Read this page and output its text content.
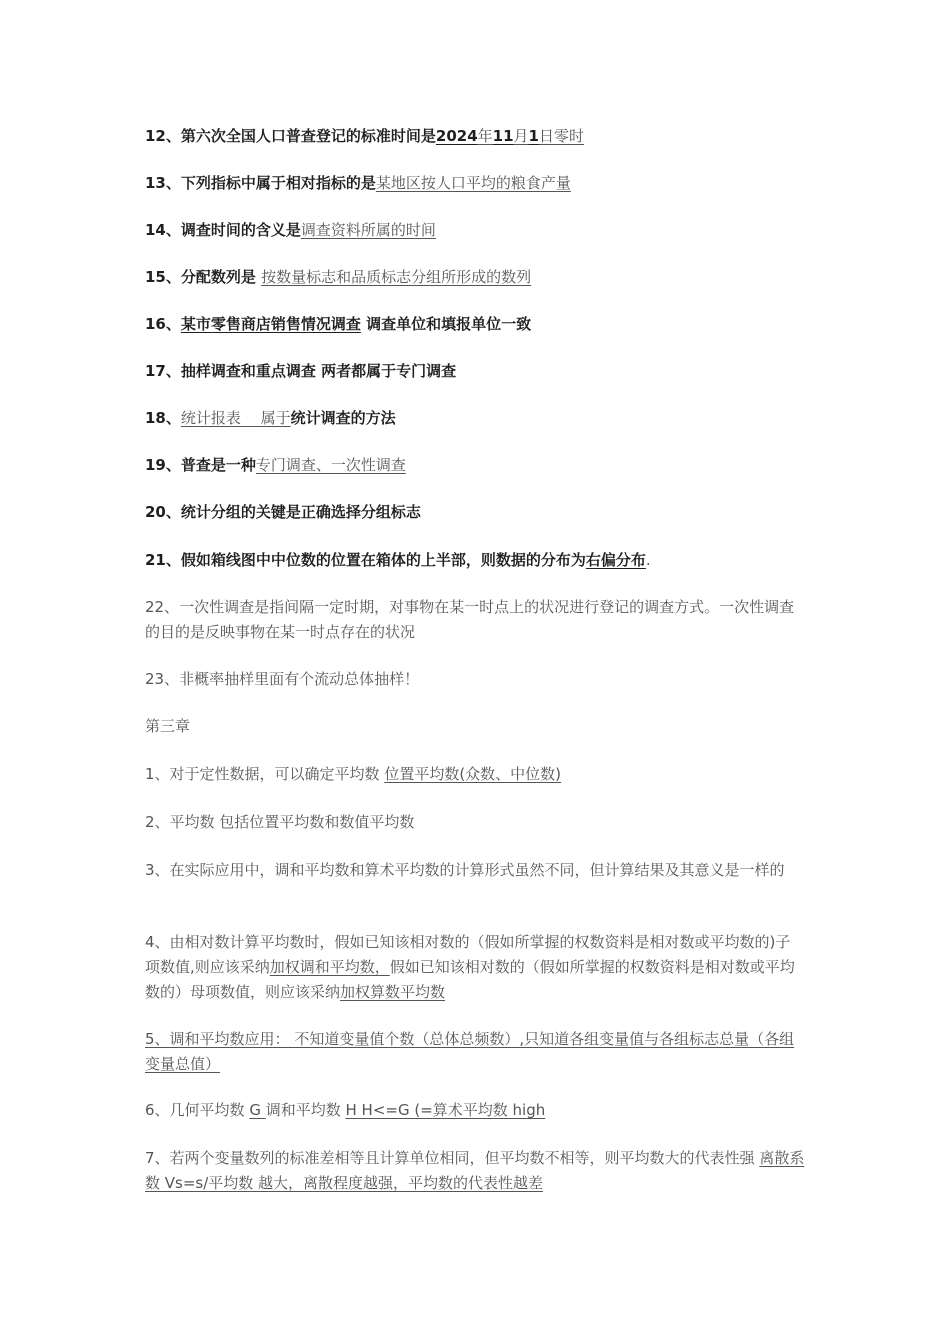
12、第六次全国人口普查登记的标准时间是2024年11月1日零时
13、下列指标中属于相对指标的是某地区按人口平均的粮食产量
14、调查时间的含义是调查资料所属的时间
15、分配数列是 按数量标志和品质标志分组所形成的数列
16、某市零售商店销售情况调查 调查单位和填报单位一致
17、抽样调查和重点调查 两者都属于专门调查
18、统计报表　 属于统计调查的方法
19、普查是一种专门调查、一次性调查
20、统计分组的关键是正确选择分组标志
21、假如箱线图中中位数的位置在箱体的上半部，则数据的分布为右偏分布.
22、一次性调查是指间隔一定时期，对事物在某一时点上的状况进行登记的调查方式。一次性调查的目的是反映事物在某一时点存在的状况
23、非概率抽样里面有个流动总体抽样！
第三章
1、对于定性数据，可以确定平均数 位置平均数(众数、中位数)
2、平均数 包括位置平均数和数值平均数
3、在实际应用中，调和平均数和算术平均数的计算形式虽然不同，但计算结果及其意义是一样的
4、由相对数计算平均数时，假如已知该相对数的（假如所掌握的权数资料是相对数或平均数的)子项数值,则应该采纳加权调和平均数，假如已知该相对数的（假如所掌握的权数资料是相对数或平均数的）母项数值，则应该采纳加权算数平均数
5、调和平均数应用： 不知道变量值个数（总体总频数）,只知道各组变量值与各组标志总量（各组变量总值）
6、几何平均数 G 调和平均数 H H<=G (=算术平均数 high
7、若两个变量数列的标准差相等且计算单位相同，但平均数不相等，则平均数大的代表性强 离散系数 Vs=s/平均数 越大，离散程度越强，平均数的代表性越差
